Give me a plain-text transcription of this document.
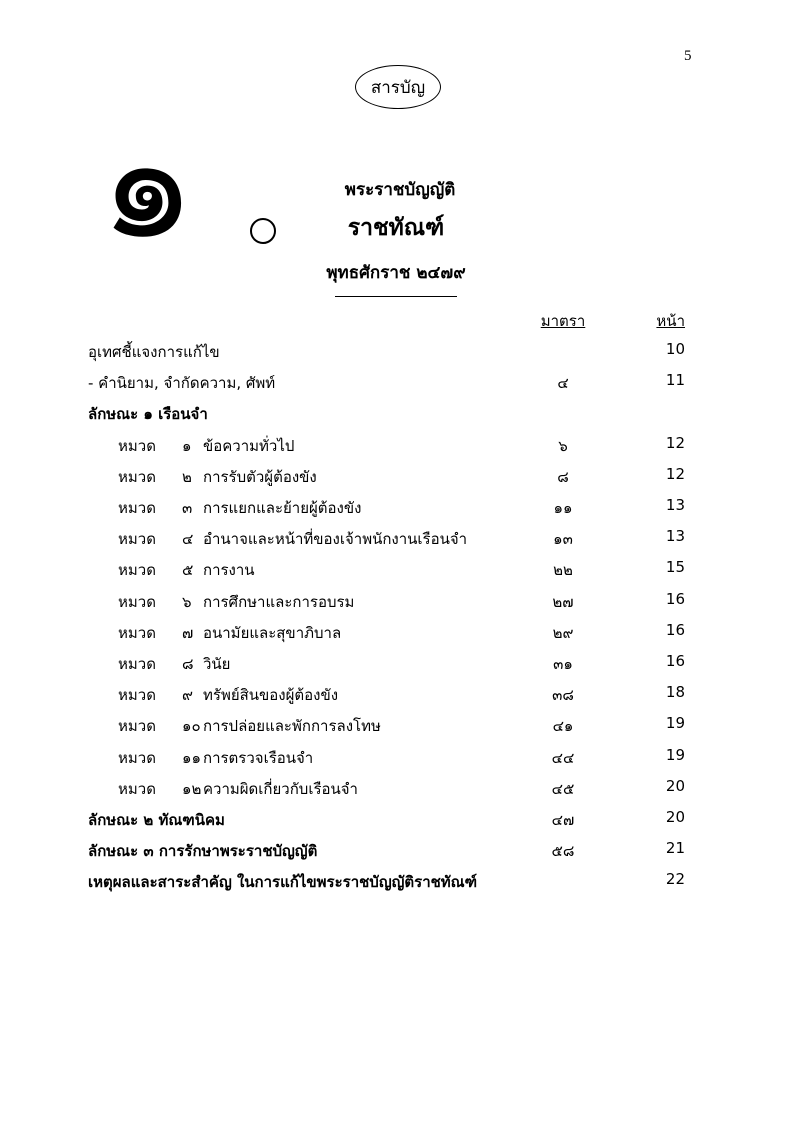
5
สารบัญ
๑	พระราชบัญญัติ
ราชทัณฑ์
พุทธศักราช ๒๔๗๙
มาตรา	หน้า
อุเทศชี้แจงการแก้ไข	10
- คำนิยาม, จำกัดความ, ศัพท์	๔	11
ลักษณะ ๑ เรือนจำ
หมวด ๑ ข้อความทั่วไป	๖	12
หมวด ๒ การรับตัวผู้ต้องขัง	๘	12
หมวด ๓ การแยกและย้ายผู้ต้องขัง	๑๑	13
หมวด ๔ อำนาจและหน้าที่ของเจ้าพนักงานเรือนจำ	๑๓	13
หมวด ๕ การงาน	๒๒	15
หมวด ๖ การศึกษาและการอบรม	๒๗	16
หมวด ๗ อนามัยและสุขาภิบาล	๒๙	16
หมวด ๘ วินัย	๓๑	16
หมวด ๙ ทรัพย์สินของผู้ต้องขัง	๓๘	18
หมวด ๑๐ การปล่อยและพักการลงโทษ	๔๑	19
หมวด ๑๑ การตรวจเรือนจำ	๔๔	19
หมวด ๑๒ ความผิดเกี่ยวกับเรือนจำ	๔๕	20
ลักษณะ ๒ ทัณฑนิคม	๔๗	20
ลักษณะ ๓ การรักษาพระราชบัญญัติ	๕๘	21
เหตุผลและสาระสำคัญ ในการแก้ไขพระราชบัญญัติราชทัณฑ์	22
